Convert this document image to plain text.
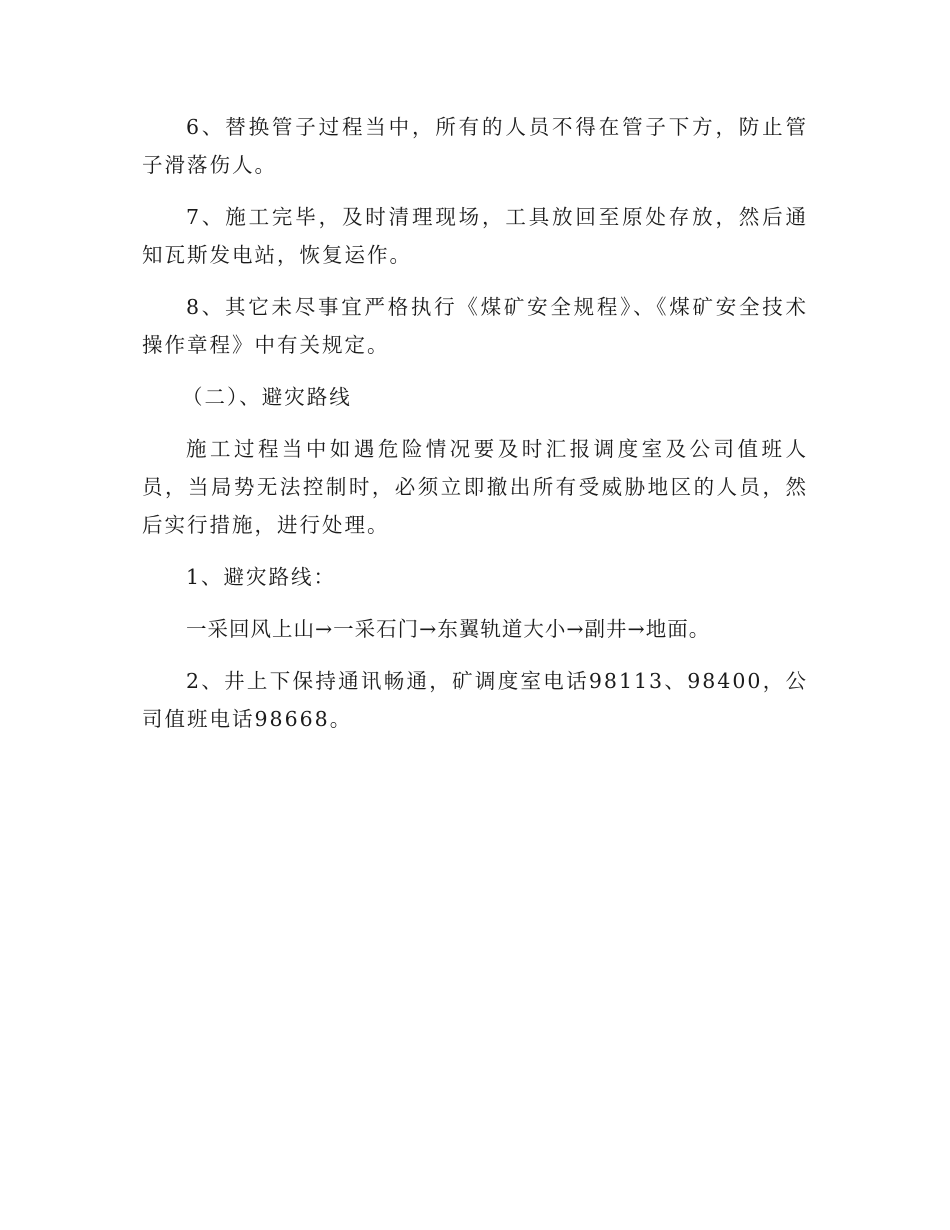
6、替换管子过程当中，所有的人员不得在管子下方，防止管子滑落伤人。

7、施工完毕，及时清理现场，工具放回至原处存放，然后通知瓦斯发电站，恢复运作。

8、其它未尽事宜严格执行《煤矿安全规程》、《煤矿安全技术操作章程》中有关规定。

（二）、避灾路线

施工过程当中如遇危险情况要及时汇报调度室及公司值班人员，当局势无法控制时，必须立即撤出所有受威胁地区的人员，然后实行措施，进行处理。

1、避灾路线：

一采回风上山→一采石门→东翼轨道大小→副井→地面。

2、井上下保持通讯畅通，矿调度室电话98113、98400，公司值班电话98668。
